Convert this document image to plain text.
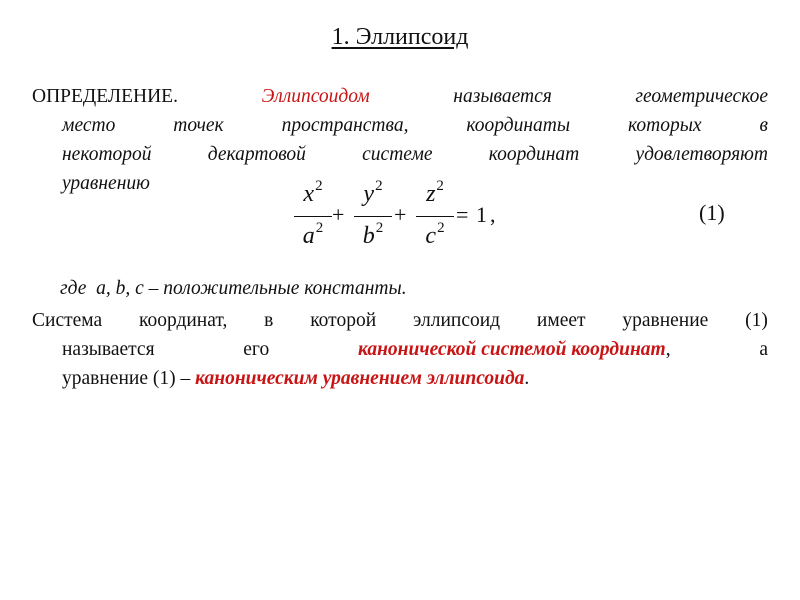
1. Эллипсоид
ОПРЕДЕЛЕНИЕ.	Эллипсоидом	называется	геометрическое
место	точек	пространства,	координаты	которых	в
некоторой	декартовой	системе	координат	удовлетворяют
уравнению	$x^2$
$a^2$
+
$y^2$
$b^2$
+
$z^2$
$c^2$
= 1 ,	(1)
где a, b, c – положительные константы.
Система координат, в которой эллипсоид имеет уравнение (1)
называется	его	канонической системой координат,	а
уравнение (1) – каноническим уравнением эллипсоида.
